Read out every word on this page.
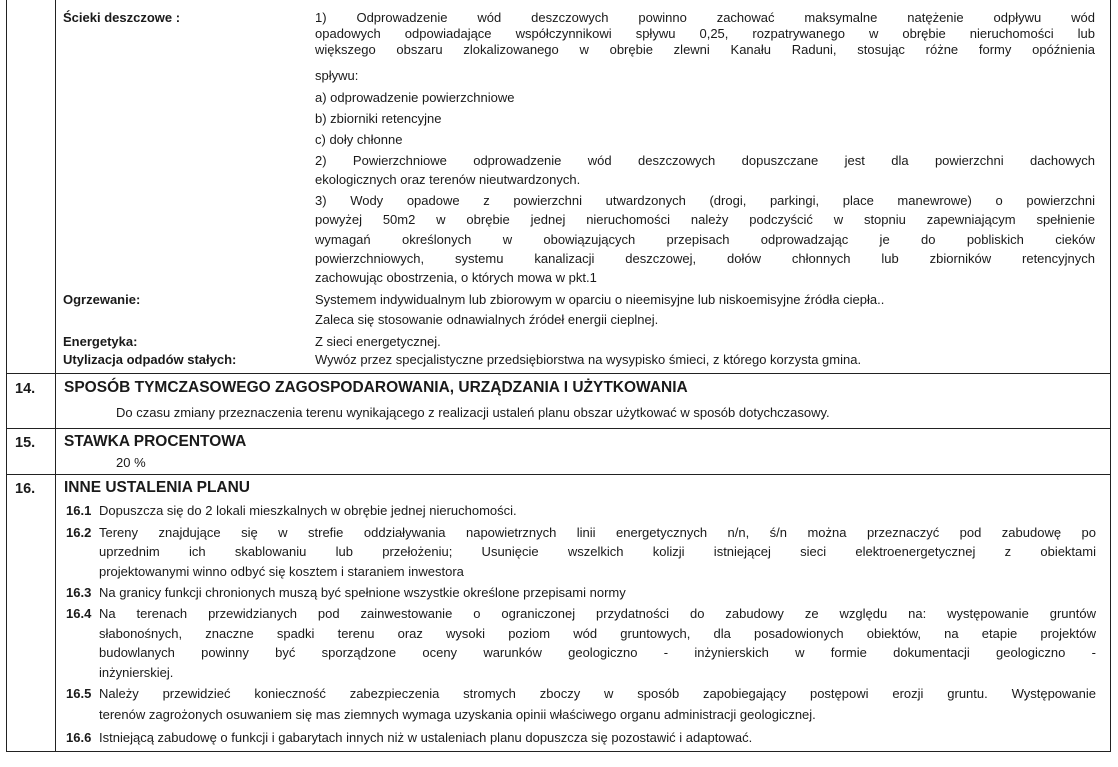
Ścieki deszczowe :	1) Odprowadzenie wód deszczowych powinno zachować maksymalne natężenie odpływu wód
opadowych odpowiadające współczynnikowi spływu 0,25, rozpatrywanego w obrębie nieruchomości lub
większego obszaru zlokalizowanego w obrębie zlewni Kanału Raduni, stosując różne formy opóźnienia
spływu:
a) odprowadzenie powierzchniowe
b) zbiorniki retencyjne
c) doły chłonne
2) Powierzchniowe odprowadzenie wód deszczowych dopuszczane jest dla powierzchni dachowych
ekologicznych oraz terenów nieutwardzonych.
3) Wody opadowe z powierzchni utwardzonych (drogi, parkingi, place manewrowe) o powierzchni
powyżej 50m2 w obrębie jednej nieruchomości należy podczyścić w stopniu zapewniającym spełnienie
wymagań określonych w obowiązujących przepisach odprowadzając je do pobliskich cieków
powierzchniowych, systemu kanalizacji deszczowej, dołów chłonnych lub zbiorników retencyjnych
zachowując obostrzenia, o których mowa w pkt.1
Ogrzewanie:	Systemem indywidualnym lub zbiorowym w oparciu o nieemisyjne lub niskoemisyjne źródła ciepła..
Zaleca się stosowanie odnawialnych źródeł energii cieplnej.
Energetyka:	Z sieci energetycznej.
Utylizacja odpadów stałych:	Wywóz przez specjalistyczne przedsiębiorstwa na wysypisko śmieci, z którego korzysta gmina.
14. SPOSÓB TYMCZASOWEGO ZAGOSPODAROWANIA, URZĄDZANIA I UŻYTKOWANIA
Do czasu zmiany przeznaczenia terenu wynikającego z realizacji ustaleń planu obszar użytkować w sposób dotychczasowy.
15. STAWKA PROCENTOWA
20 %
16. INNE USTALENIA PLANU
16.1 Dopuszcza się do 2 lokali mieszkalnych w obrębie jednej nieruchomości.
16.2 Tereny znajdujące się w strefie oddziaływania napowietrznych linii energetycznych n/n, ś/n można przeznaczyć pod zabudowę po
uprzednim ich skablowaniu lub przełożeniu; Usunięcie wszelkich kolizji istniejącej sieci elektroenergetycznej z obiektami
projektowanymi winno odbyć się kosztem i staraniem inwestora
16.3 Na granicy funkcji chronionych muszą być spełnione wszystkie określone przepisami normy
16.4 Na terenach przewidzianych pod zainwestowanie o ograniczonej przydatności do zabudowy ze względu na: występowanie gruntów
słabonośnych, znaczne spadki terenu oraz wysoki poziom wód gruntowych, dla posadowionych obiektów, na etapie projektów
budowlanych powinny być sporządzone oceny warunków geologiczno - inżynierskich w formie dokumentacji geologiczno -
inżynierskiej.
16.5 Należy przewidzieć konieczność zabezpieczenia stromych zboczy w sposób zapobiegający postępowi erozji gruntu. Występowanie
terenów zagrożonych osuwaniem się mas ziemnych wymaga uzyskania opinii właściwego organu administracji geologicznej.
16.6 Istniejącą zabudowę o funkcji i gabarytach innych niż w ustaleniach planu dopuszcza się pozostawić i adaptować.
